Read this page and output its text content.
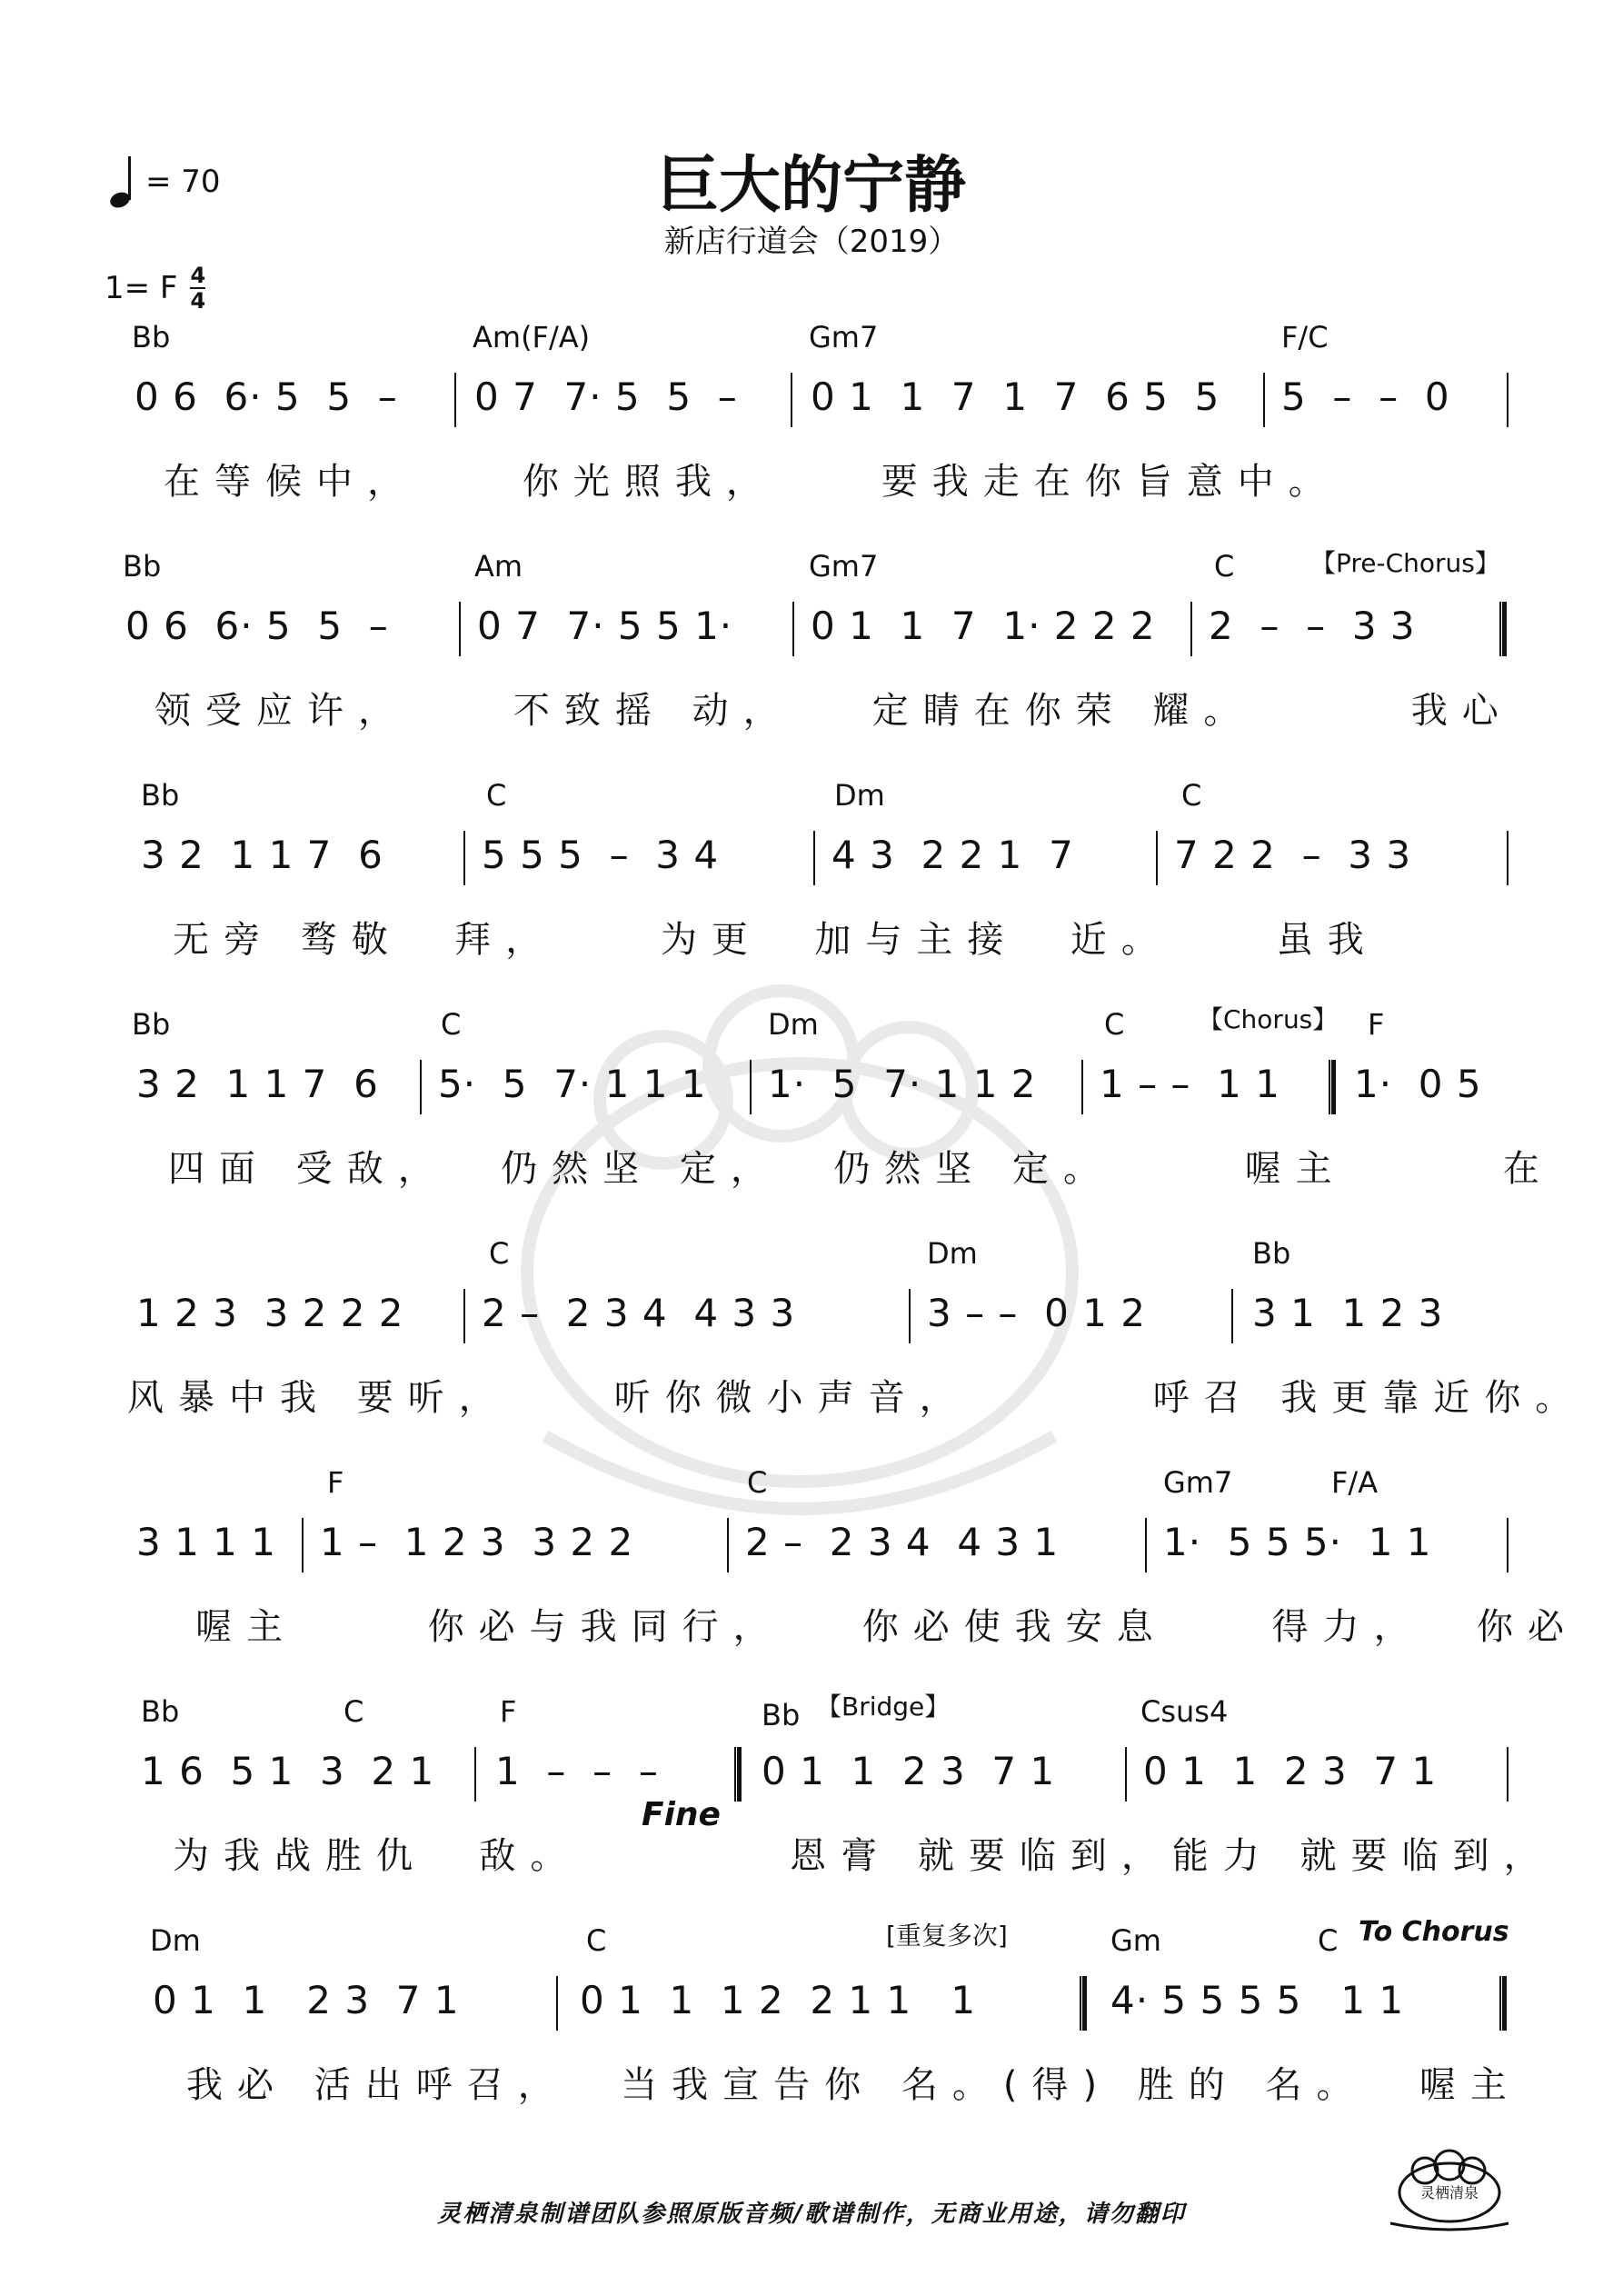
= 70	巨大的宁静
新店行道会（2019）
1= F 4
4
Bb	Am(F/A)	Gm7	F/C
0 6  6· 5  5  – 0 7  7· 5  5  – 0 1  1  7  1  7  6 5  5 5  –  –  0
在等候中，    你光照我，    要我走在你旨意中。
Bb	Am	Gm7	C	【Pre-Chorus】
0 6  6· 5  5  – 0 7  7· 5 5 1· 0 1  1  7  1· 2 2 2 2  –  –  3 3
领受应许，    不致摇 动，   定睛在你荣 耀。      我心
Bb	C	Dm	C
3 2  1 1 7  6	5 5 5  –  3 4	4 3  2 2 1  7	7 2 2  –  3 3
无旁 骛敬  拜，    为更  加与主接  近。    虽我
Bb	C	Dm	C	F
【Chorus】
3 2  1 1 7  6 5·  5  7· 1 1 1 1·  5  7· 1 1 2 1 – –  1 1 1·  0 5
四面 受敌，  仍然坚 定，  仍然坚 定。     喔主      在
C	Dm	Bb
1 2 3  3 2 2 2 2 –  2 3 4  4 3 3	3 – –  0 1 2	3 1  1 2 3
风暴中我 要听，    听你微小声音，       呼召 我更靠近你。
F	C	Gm7	F/A
3 1 1 1 1 –  1 2 3  3 2 2	2 –  2 3 4  4 3 1	1·  5 5 5·  1 1
喔主     你必与我同行，   你必使我安息    得力，  你必
Bb	C	F	Bb	Csus4
【Bridge】
1 6  5 1  3  2 1 1  –  –  –	0 1  1  2 3  7 1 0 1  1  2 3  7 1
Fine
为我战胜仇  敌。        恩膏 就要临到，能力 就要临到，
Dm	C	Gm	C
[重复多次]	To Chorus
0 1  1   2 3  7 1	0 1  1  1 2  2 1 1   1	4· 5 5 5 5   1 1
我必 活出呼召，  当我宣告你 名。(得) 胜的 名。  喔主
灵栖清泉
灵栖清泉制谱团队参照原版音频/歌谱制作，无商业用途，请勿翻印
